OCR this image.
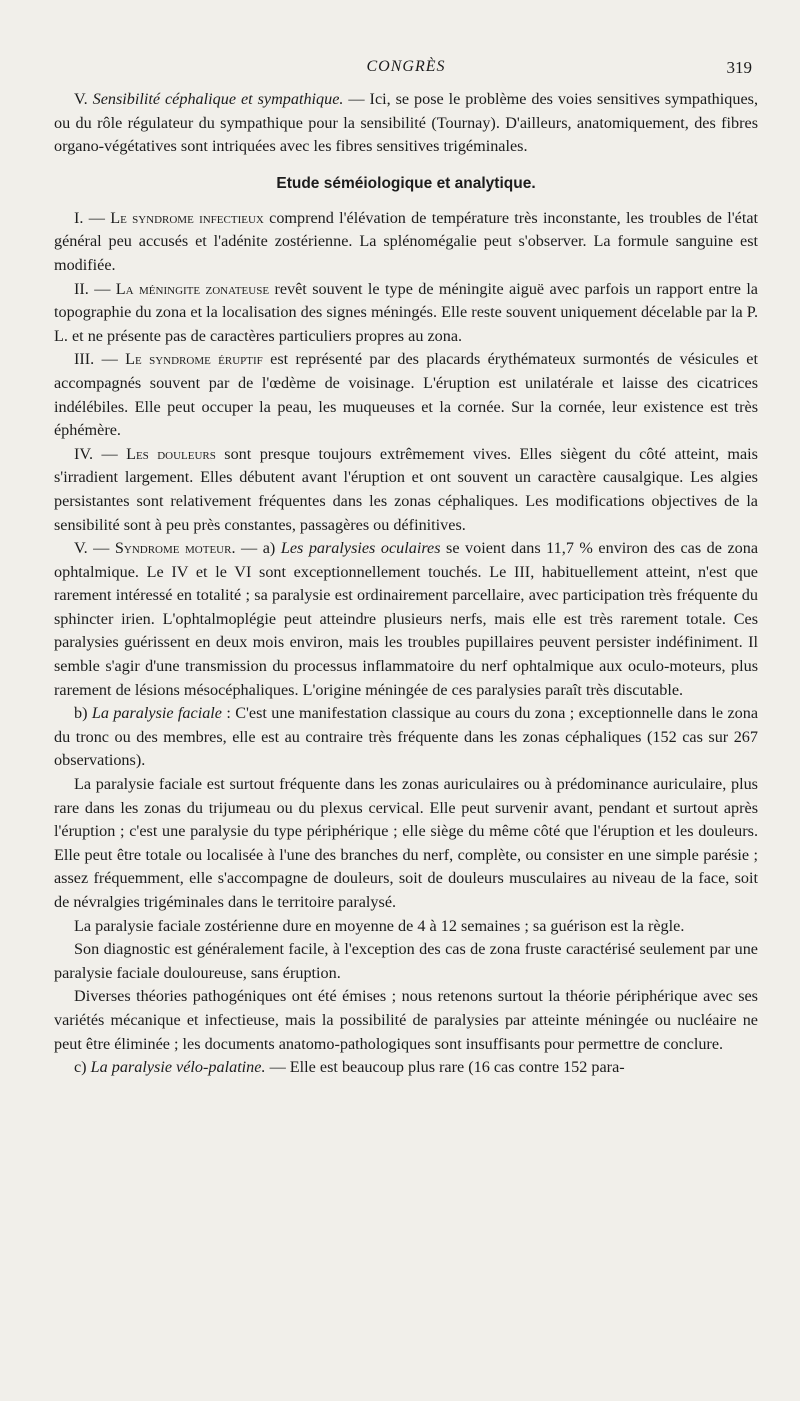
CONGRÈS	319

V. Sensibilité céphalique et sympathique. — Ici, se pose le problème des voies sensitives sympathiques, ou du rôle régulateur du sympathique pour la sensibilité (Tournay). D'ailleurs, anatomiquement, des fibres organo-végétatives sont intriquées avec les fibres sensitives trigéminales.

Etude séméiologique et analytique.

I. — Le syndrome infectieux comprend l'élévation de température très inconstante, les troubles de l'état général peu accusés et l'adénite zostérienne. La splénomégalie peut s'observer. La formule sanguine est modifiée.

II. — La méningite zonateuse revêt souvent le type de méningite aiguë avec parfois un rapport entre la topographie du zona et la localisation des signes méningés. Elle reste souvent uniquement décelable par la P. L. et ne présente pas de caractères particuliers propres au zona.

III. — Le syndrome éruptif est représenté par des placards érythémateux surmontés de vésicules et accompagnés souvent par de l'œdème de voisinage. L'éruption est unilatérale et laisse des cicatrices indélébiles. Elle peut occuper la peau, les muqueuses et la cornée. Sur la cornée, leur existence est très éphémère.

IV. — Les douleurs sont presque toujours extrêmement vives. Elles siègent du côté atteint, mais s'irradient largement. Elles débutent avant l'éruption et ont souvent un caractère causalgique. Les algies persistantes sont relativement fréquentes dans les zonas céphaliques. Les modifications objectives de la sensibilité sont à peu près constantes, passagères ou définitives.

V. — Syndrome moteur. — a) Les paralysies oculaires se voient dans 11,7 % environ des cas de zona ophtalmique. Le IV et le VI sont exceptionnellement touchés. Le III, habituellement atteint, n'est que rarement intéressé en totalité ; sa paralysie est ordinairement parcellaire, avec participation très fréquente du sphincter irien. L'ophtalmoplégie peut atteindre plusieurs nerfs, mais elle est très rarement totale. Ces paralysies guérissent en deux mois environ, mais les troubles pupillaires peuvent persister indéfiniment. Il semble s'agir d'une transmission du processus inflammatoire du nerf ophtalmique aux oculo-moteurs, plus rarement de lésions mésocéphaliques. L'origine méningée de ces paralysies paraît très discutable.

b) La paralysie faciale : C'est une manifestation classique au cours du zona ; exceptionnelle dans le zona du tronc ou des membres, elle est au contraire très fréquente dans les zonas céphaliques (152 cas sur 267 observations).

La paralysie faciale est surtout fréquente dans les zonas auriculaires ou à prédominance auriculaire, plus rare dans les zonas du trijumeau ou du plexus cervical. Elle peut survenir avant, pendant et surtout après l'éruption ; c'est une paralysie du type périphérique ; elle siège du même côté que l'éruption et les douleurs. Elle peut être totale ou localisée à l'une des branches du nerf, complète, ou consister en une simple parésie ; assez fréquemment, elle s'accompagne de douleurs, soit de douleurs musculaires au niveau de la face, soit de névralgies trigéminales dans le territoire paralysé.

La paralysie faciale zostérienne dure en moyenne de 4 à 12 semaines ; sa guérison est la règle.

Son diagnostic est généralement facile, à l'exception des cas de zona fruste caractérisé seulement par une paralysie faciale douloureuse, sans éruption.

Diverses théories pathogéniques ont été émises ; nous retenons surtout la théorie périphérique avec ses variétés mécanique et infectieuse, mais la possibilité de paralysies par atteinte méningée ou nucléaire ne peut être éliminée ; les documents anatomo-pathologiques sont insuffisants pour permettre de conclure.

c) La paralysie vélo-palatine. — Elle est beaucoup plus rare (16 cas contre 152 para-
